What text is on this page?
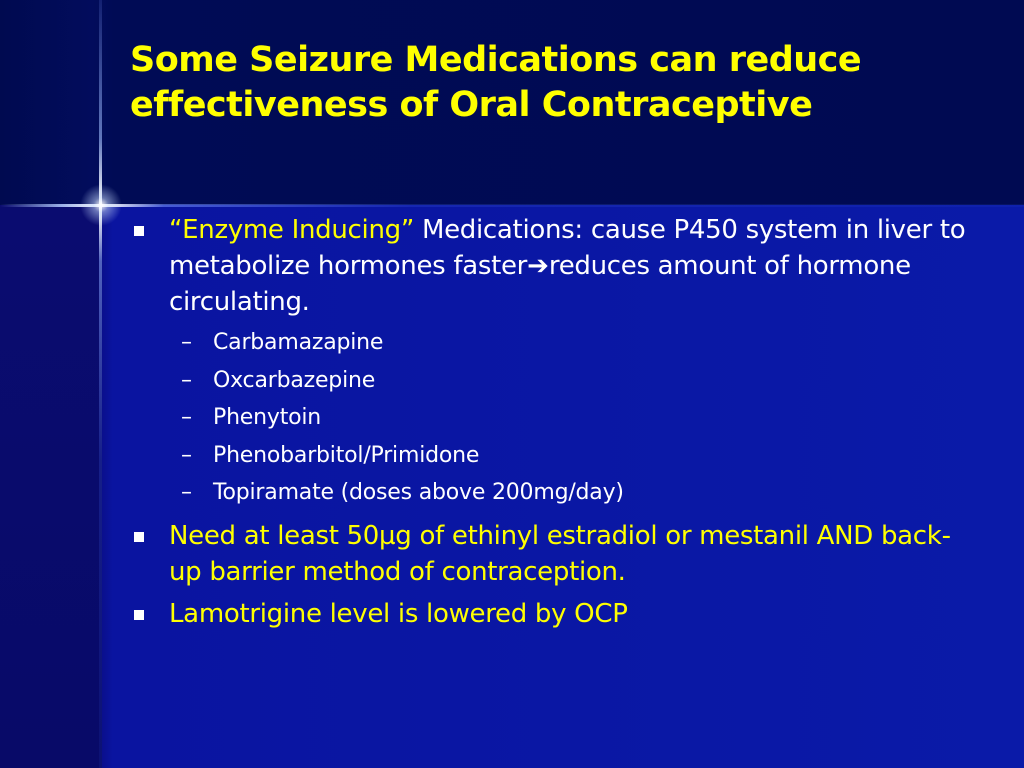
Some Seizure Medications can reduce effectiveness of Oral Contraceptive
“Enzyme Inducing” Medications: cause P450 system in liver to metabolize hormones faster➔reduces amount of hormone circulating.
– Carbamazapine
– Oxcarbazepine
– Phenytoin
– Phenobarbitol/Primidone
– Topiramate (doses above 200mg/day)
Need at least 50µg of ethinyl estradiol or mestanil AND back-up barrier method of contraception.
Lamotrigine level is lowered by OCP
